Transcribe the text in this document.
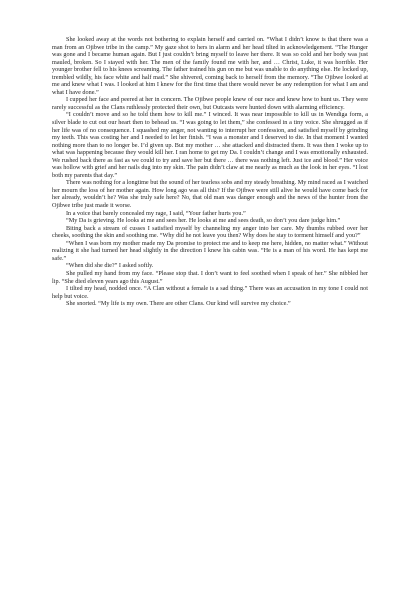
She looked away at the words not bothering to explain herself and carried on. “What I didn’t know is that there was a man from an Ojibwe tribe in the camp.” My gaze shot to hers in alarm and her head tilted in acknowledgement. “The Hunger was gone and I became human again. But I just couldn’t bring myself to leave her there. It was so cold and her body was just mauled, broken. So I stayed with her. The men of the family found me with her, and … Christ, Luke, it was horrible. Her younger brother fell to his knees screaming. The father trained his gun on me but was unable to do anything else. He locked up, trembled wildly, his face white and half mad.” She shivered, coming back to herself from the memory. “The Ojibwe looked at me and knew what I was. I looked at him I knew for the first time that there would never be any redemption for what I am and what I have done.”

I cupped her face and peered at her in concern. The Ojibwe people knew of our race and knew how to hunt us. They were rarely successful as the Clans ruthlessly protected their own, but Outcasts were hunted down with alarming efficiency.

“I couldn’t move and so he told them how to kill me.” I winced. It was near impossible to kill us in Wendiga form, a silver blade to cut out our heart then to behead us. “I was going to let them,” she confessed in a tiny voice. She shrugged as if her life was of no consequence. I squashed my anger, not wanting to interrupt her confession, and satisfied myself by grinding my teeth. This was costing her and I needed to let her finish. “I was a monster and I deserved to die. In that moment I wanted nothing more than to no longer be. I’d given up. But my mother … she attacked and distracted them. It was then I woke up to what was happening because they would kill her. I ran home to get my Da. I couldn’t change and I was emotionally exhausted. We rushed back there as fast as we could to try and save her but there … there was nothing left. Just ice and blood.” Her voice was hollow with grief and her nails dug into my skin. The pain didn’t claw at me nearly as much as the look in her eyes. “I lost both my parents that day.”

There was nothing for a longtime but the sound of her tearless sobs and my steady breathing. My mind raced as I watched her mourn the loss of her mother again. How long ago was all this? If the Ojibwe were still alive he would have come back for her already, wouldn’t he? Was she truly safe here? No, that old man was danger enough and the news of the hunter from the Ojibwe tribe just made it worse.

In a voice that barely concealed my rage, I said, “Your father hurts you.”

“My Da is grieving. He looks at me and sees her. He looks at me and sees death, so don’t you dare judge him.”

Biting back a stream of cusses I satisfied myself by channeling my anger into her care. My thumbs rubbed over her cheeks, soothing the skin and soothing me. “Why did he not leave you then? Why does he stay to torment himself and you?”

“When I was born my mother made my Da promise to protect me and to keep me here, hidden, no matter what.” Without realizing it she had turned her head slightly in the direction I knew his cabin was. “He is a man of his word. He has kept me safe.”

“When did she die?” I asked softly.

She pulled my hand from my face. “Please stop that. I don’t want to feel soothed when I speak of her.” She nibbled her lip. “She died eleven years ago this August.”

I tilted my head, nodded once. “A Clan without a female is a sad thing.” There was an accusation in my tone I could not help but voice.

She snorted. “My life is my own. There are other Clans. Our kind will survive my choice.”
